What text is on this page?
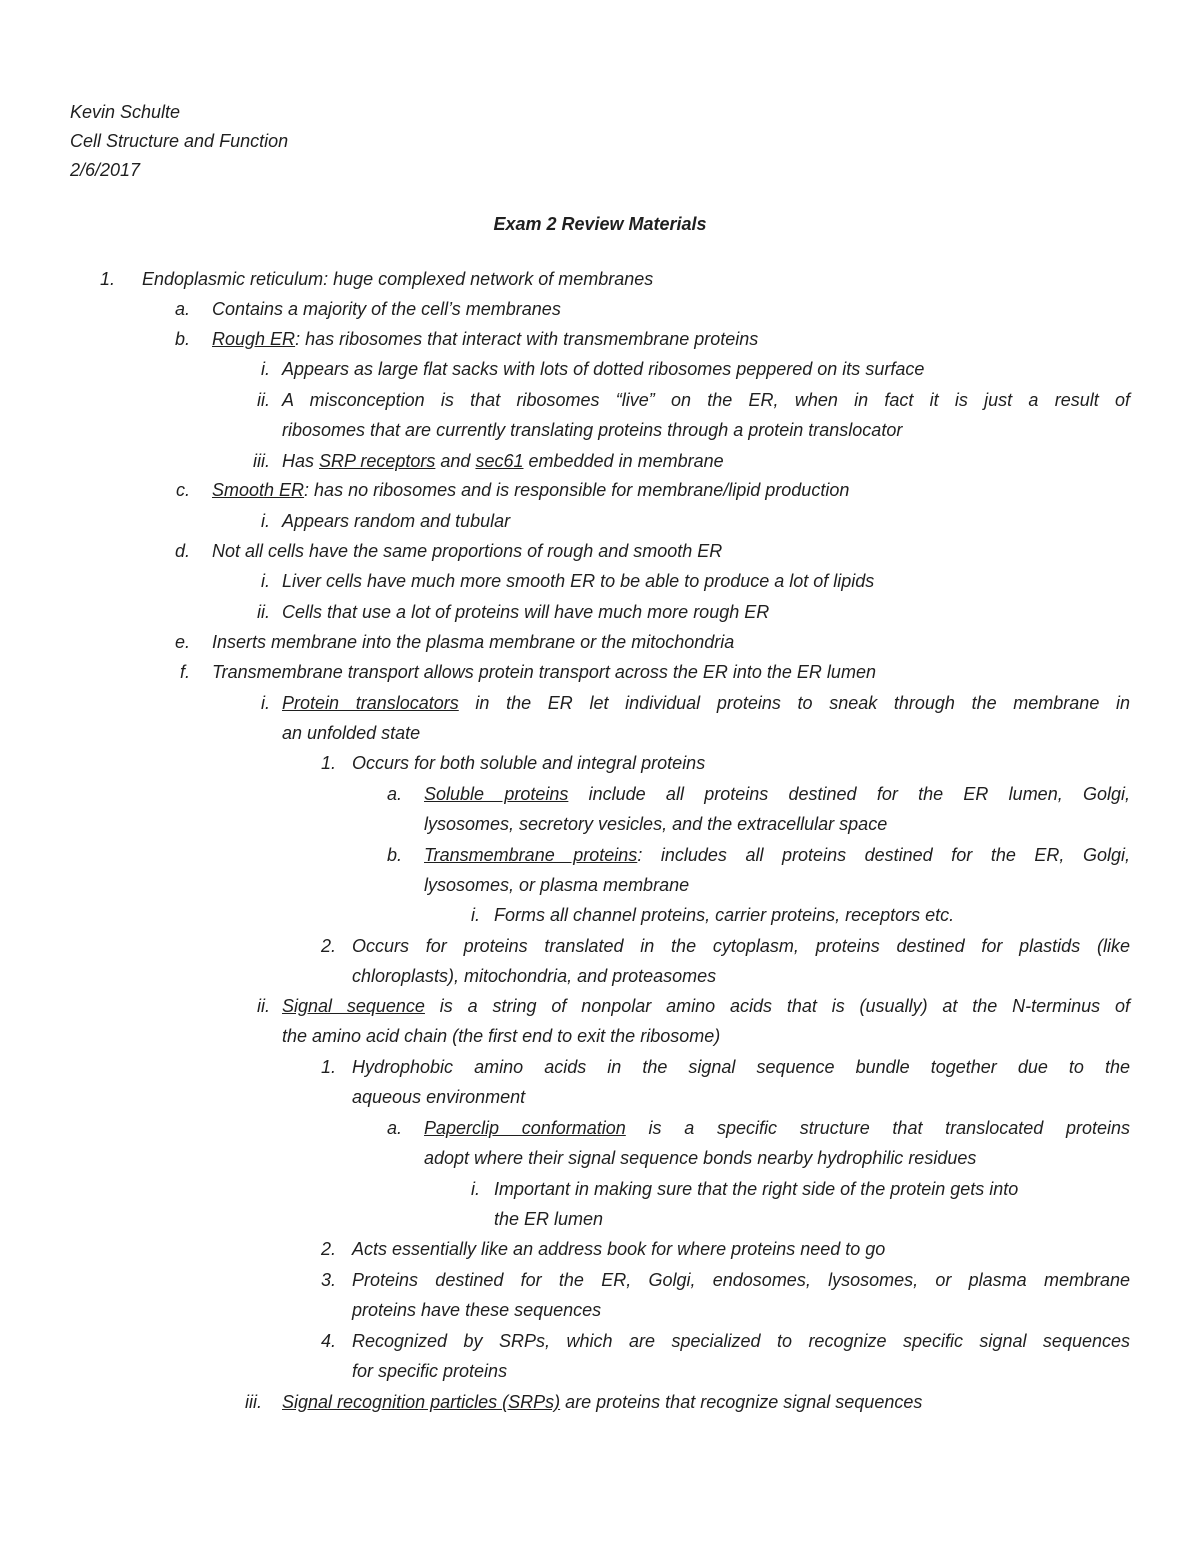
Kevin Schulte
Cell Structure and Function
2/6/2017
Exam 2 Review Materials
1.	Endoplasmic reticulum: huge complexed network of membranes
a. Contains a majority of the cell’s membranes
b. Rough ER: has ribosomes that interact with transmembrane proteins
i. Appears as large flat sacks with lots of dotted ribosomes peppered on its surface
ii. A misconception is that ribosomes “live” on the ER, when in fact it is just a result of
ribosomes that are currently translating proteins through a protein translocator
iii. Has SRP receptors and sec61 embedded in membrane
c. Smooth ER: has no ribosomes and is responsible for membrane/lipid production
i. Appears random and tubular
d. Not all cells have the same proportions of rough and smooth ER
i. Liver cells have much more smooth ER to be able to produce a lot of lipids
ii. Cells that use a lot of proteins will have much more rough ER
e. Inserts membrane into the plasma membrane or the mitochondria
f. Transmembrane transport allows protein transport across the ER into the ER lumen
i. Protein translocators in the ER let individual proteins to sneak through the membrane in
an unfolded state
1. Occurs for both soluble and integral proteins
a. Soluble proteins include all proteins destined for the ER lumen, Golgi,
lysosomes, secretory vesicles, and the extracellular space
b. Transmembrane proteins: includes all proteins destined for the ER, Golgi,
lysosomes, or plasma membrane
i. Forms all channel proteins, carrier proteins, receptors etc.
2. Occurs for proteins translated in the cytoplasm, proteins destined for plastids (like
chloroplasts), mitochondria, and proteasomes
ii. Signal sequence is a string of nonpolar amino acids that is (usually) at the N-terminus of
the amino acid chain (the first end to exit the ribosome)
1. Hydrophobic amino acids in the signal sequence bundle together due to the
aqueous environment
a. Paperclip conformation is a specific structure that translocated proteins
adopt where their signal sequence bonds nearby hydrophilic residues
i. Important in making sure that the right side of the protein gets into
the ER lumen
2. Acts essentially like an address book for where proteins need to go
3. Proteins destined for the ER, Golgi, endosomes, lysosomes, or plasma membrane
proteins have these sequences
4. Recognized by SRPs, which are specialized to recognize specific signal sequences
for specific proteins
iii. Signal recognition particles (SRPs) are proteins that recognize signal sequences
